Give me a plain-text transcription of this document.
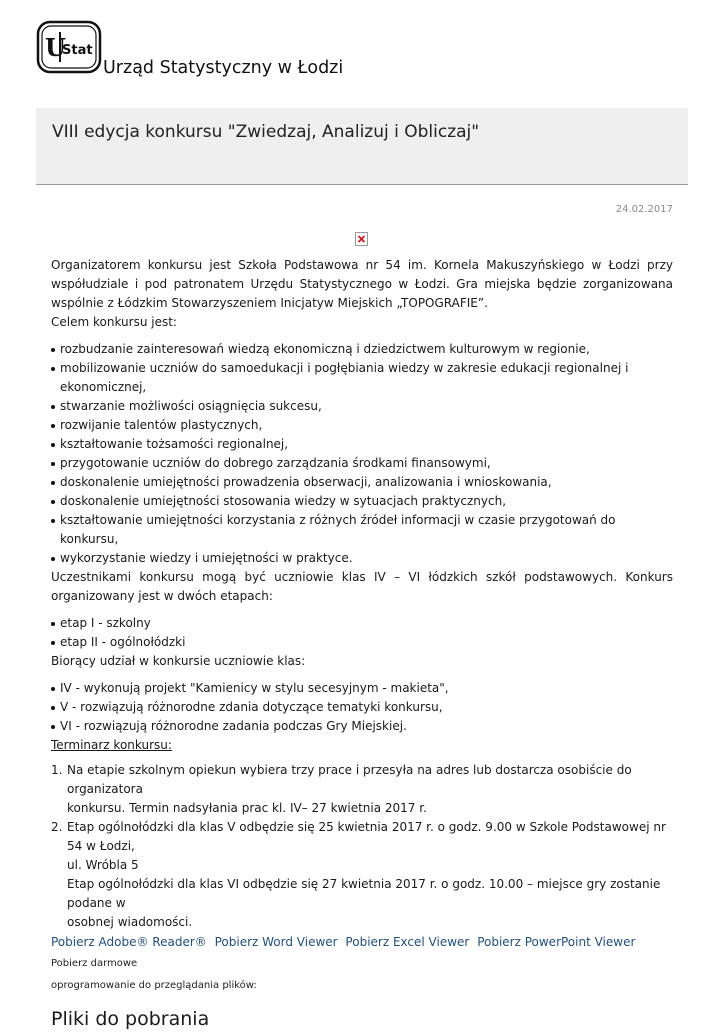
U
Stat
Urząd Statystyczny w Łodzi
VIII edycja konkursu "Zwiedzaj, Analizuj i Obliczaj"
24.02.2017

Organizatorem konkursu jest Szkoła Podstawowa nr 54 im. Kornela Makuszyńskiego w Łodzi przy współudziale i pod patronatem Urzędu Statystycznego w Łodzi. Gra miejska będzie zorganizowana wspólnie z Łódzkim Stowarzyszeniem Inicjatyw Miejskich „TOPOGRAFIE”.

Celem konkursu jest:

rozbudzanie zainteresowań wiedzą ekonomiczną i dziedzictwem kulturowym w regionie,
mobilizowanie uczniów do samoedukacji i pogłębiania wiedzy w zakresie edukacji regionalnej i ekonomicznej,
stwarzanie możliwości osiągnięcia sukcesu,
rozwijanie talentów plastycznych,
kształtowanie tożsamości regionalnej,
przygotowanie uczniów do dobrego zarządzania środkami finansowymi,
doskonalenie umiejętności prowadzenia obserwacji, analizowania i wnioskowania,
doskonalenie umiejętności stosowania wiedzy w sytuacjach praktycznych,
kształtowanie umiejętności korzystania z różnych źródeł informacji w czasie przygotowań do konkursu,
wykorzystanie wiedzy i umiejętności w praktyce.

Uczestnikami konkursu mogą być uczniowie klas IV – VI łódzkich szkół podstawowych. Konkurs organizowany jest w dwóch etapach:

etap I - szkolny
etap II - ogólnołódzki

Biorący udział w konkursie uczniowie klas:

IV - wykonują projekt "Kamienicy w stylu secesyjnym - makieta",
V - rozwiązują różnorodne zdania dotyczące tematyki konkursu,
VI - rozwiązują różnorodne zadania podczas Gry Miejskiej.

Terminarz konkursu:

1. Na etapie szkolnym opiekun wybiera trzy prace i przesyła na adres lub dostarcza osobiście do organizatora
konkursu. Termin nadsyłania prac kl. IV– 27 kwietnia 2017 r.
2. Etap ogólnołódzki dla klas V odbędzie się 25 kwietnia 2017 r. o godz. 9.00 w Szkole Podstawowej nr 54 w Łodzi,
ul. Wróbla 5
Etap ogólnołódzki dla klas VI odbędzie się 27 kwietnia 2017 r. o godz. 10.00 – miejsce gry zostanie podane w
osobnej wiadomości.
Pobierz Adobe® Reader® Pobierz Word Viewer Pobierz Excel Viewer Pobierz PowerPoint Viewer Pobierz darmowe
oprogramowanie do przeglądania plików:
Pliki do pobrania
